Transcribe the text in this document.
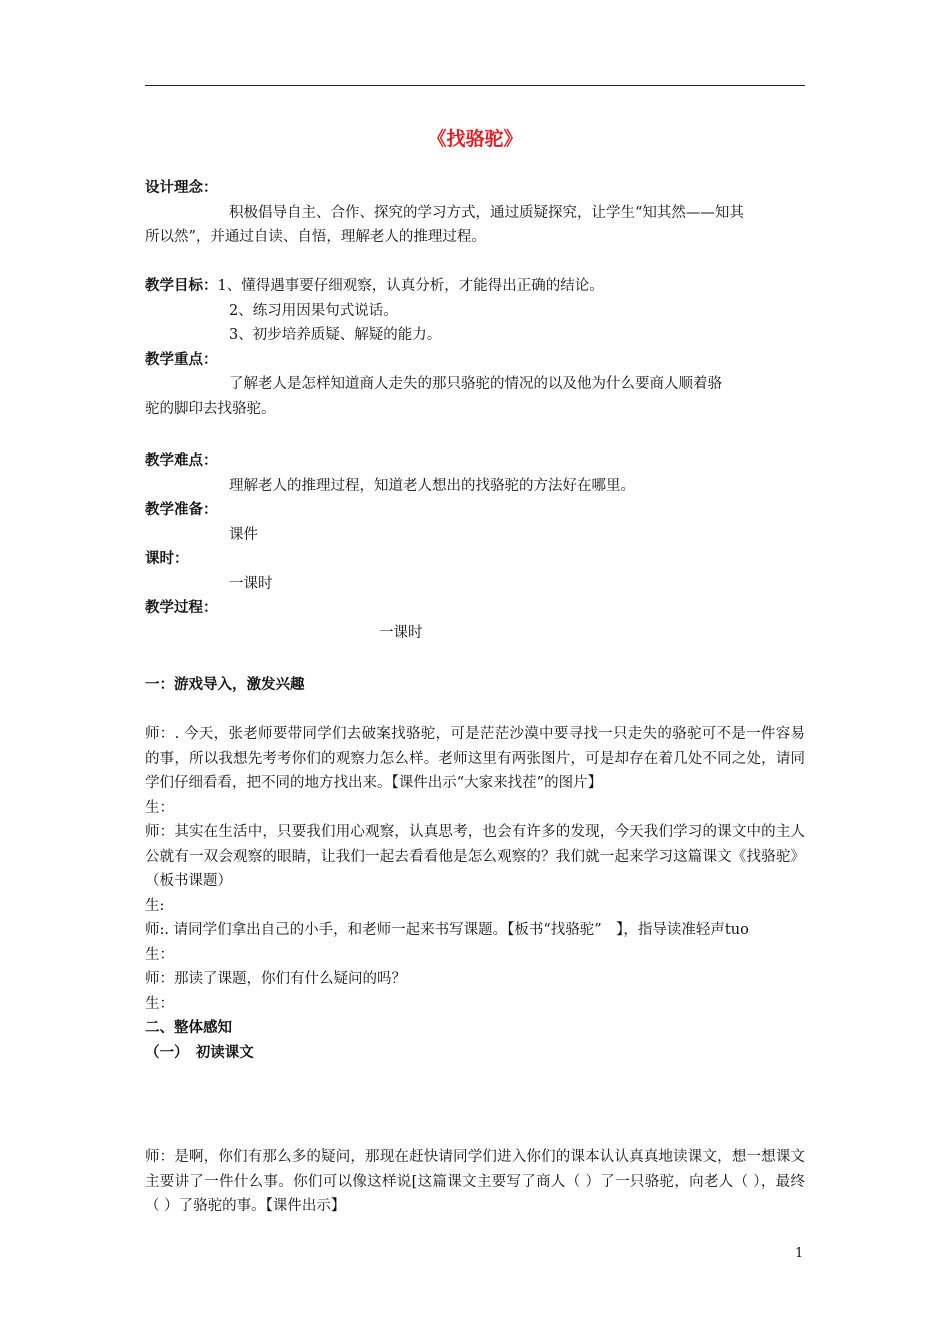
《找骆驼》
设计理念：
积极倡导自主、合作、探究的学习方式，通过质疑探究，让学生“知其然——知其
所以然”，并通过自读、自悟，理解老人的推理过程。
教学目标：1、懂得遇事要仔细观察，认真分析，才能得出正确的结论。
2、练习用因果句式说话。
3、初步培养质疑、解疑的能力。
教学重点：
了解老人是怎样知道商人走失的那只骆驼的情况的以及他为什么要商人顺着骆
驼的脚印去找骆驼。
教学难点：
理解老人的推理过程，知道老人想出的找骆驼的方法好在哪里。
教学准备：
课件
课时：
一课时
教学过程：
一课时
一：游戏导入，激发兴趣
师：. 今天，张老师要带同学们去破案找骆驼，可是茫茫沙漠中要寻找一只走失的骆驼可不是一件容易的事，所以我想先考考你们的观察力怎么样。老师这里有两张图片，可是却存在着几处不同之处，请同学们仔细看看，把不同的地方找出来。【课件出示“大家来找茬”的图片】
生：
师：其实在生活中，只要我们用心观察，认真思考，也会有许多的发现，今天我们学习的课文中的主人公就有一双会观察的眼睛，让我们一起去看看他是怎么观察的？我们就一起来学习这篇课文《找骆驼》（板书课题）
生:
师:. 请同学们拿出自己的小手，和老师一起来书写课题。【板书“找骆驼”　】，指导读准轻声tuo
生：
师：那读了课题，你们有什么疑问的吗？
生：
二、整体感知
（一）　初读课文
师：是啊，你们有那么多的疑问，那现在赶快请同学们进入你们的课本认认真真地读课文，想一想课文主要讲了一件什么事。你们可以像这样说[这篇课文主要写了商人（ ）了一只骆驼，向老人（ ），最终（ ）了骆驼的事。【课件出示】
1
